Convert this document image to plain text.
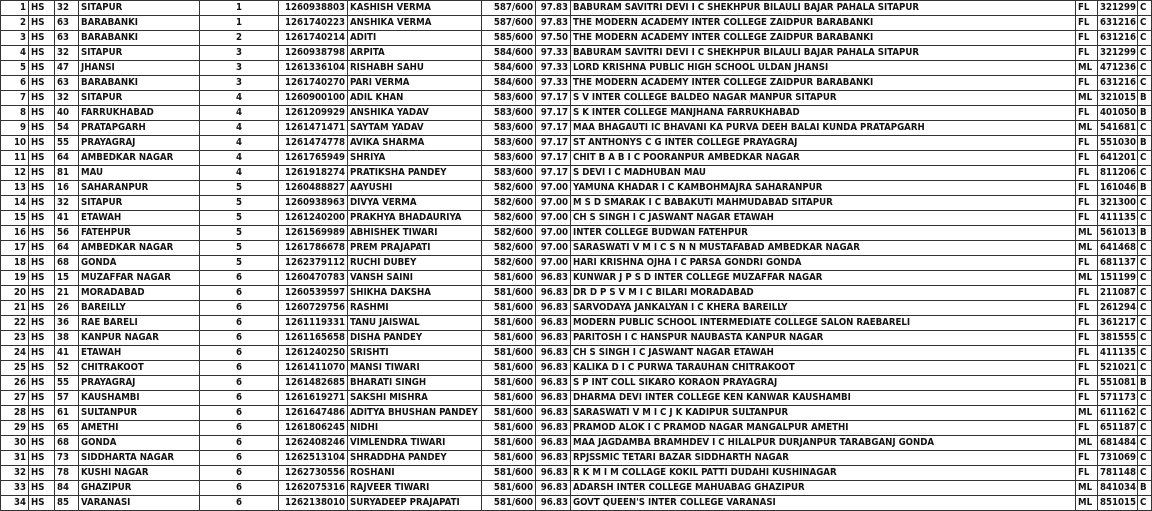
1	HS	32	SITAPUR	1	1260938803	KASHISH VERMA	587/600	97.83	BABURAM SAVITRI DEVI I C SHEKHPUR BILAULI BAJAR PAHALA SITAPUR	FL	321299	C
2	HS	63	BARABANKI	1	1261740223	ANSHIKA VERMA	587/600	97.83	THE MODERN ACADEMY INTER COLLEGE ZAIDPUR BARABANKI	FL	631216	C
3	HS	63	BARABANKI	2	1261740214	ADITI	585/600	97.50	THE MODERN ACADEMY INTER COLLEGE ZAIDPUR BARABANKI	FL	631216	C
4	HS	32	SITAPUR	3	1260938798	ARPITA	584/600	97.33	BABURAM SAVITRI DEVI I C SHEKHPUR BILAULI BAJAR PAHALA SITAPUR	FL	321299	C
5	HS	47	JHANSI	3	1261336104	RISHABH SAHU	584/600	97.33	LORD KRISHNA PUBLIC HIGH SCHOOL ULDAN JHANSI	ML	471236	C
6	HS	63	BARABANKI	3	1261740270	PARI VERMA	584/600	97.33	THE MODERN ACADEMY INTER COLLEGE ZAIDPUR BARABANKI	FL	631216	C
7	HS	32	SITAPUR	4	1260900100	ADIL KHAN	583/600	97.17	S V INTER COLLEGE BALDEO NAGAR MANPUR SITAPUR	ML	321015	B
8	HS	40	FARRUKHABAD	4	1261209929	ANSHIKA YADAV	583/600	97.17	S K INTER COLLEGE MANJHANA FARRUKHABAD	FL	401050	B
9	HS	54	PRATAPGARH	4	1261471471	SAYTAM YADAV	583/600	97.17	MAA BHAGAUTI IC BHAVANI KA PURVA DEEH BALAI KUNDA PRATAPGARH	ML	541681	C
10	HS	55	PRAYAGRAJ	4	1261474778	AVIKA SHARMA	583/600	97.17	ST ANTHONYS C G INTER COLLEGE PRAYAGRAJ	FL	551030	B
11	HS	64	AMBEDKAR NAGAR	4	1261765949	SHRIYA	583/600	97.17	CHIT B A B I C POORANPUR AMBEDKAR NAGAR	FL	641201	C
12	HS	81	MAU	4	1261918274	PRATIKSHA PANDEY	583/600	97.17	S DEVI I C MADHUBAN MAU	FL	811206	C
13	HS	16	SAHARANPUR	5	1260488827	AAYUSHI	582/600	97.00	YAMUNA KHADAR I C KAMBOHMAJRA SAHARANPUR	FL	161046	B
14	HS	32	SITAPUR	5	1260938963	DIVYA VERMA	582/600	97.00	M S D SMARAK I C BABAKUTI MAHMUDABAD SITAPUR	FL	321300	C
15	HS	41	ETAWAH	5	1261240200	PRAKHYA BHADAURIYA	582/600	97.00	CH S SINGH I C JASWANT NAGAR ETAWAH	FL	411135	C
16	HS	56	FATEHPUR	5	1261569989	ABHISHEK TIWARI	582/600	97.00	INTER COLLEGE BUDWAN FATEHPUR	ML	561013	B
17	HS	64	AMBEDKAR NAGAR	5	1261786678	PREM PRAJAPATI	582/600	97.00	SARASWATI V M I C S N N MUSTAFABAD AMBEDKAR NAGAR	ML	641468	C
18	HS	68	GONDA	5	1262379112	RUCHI DUBEY	582/600	97.00	HARI KRISHNA OJHA I C PARSA GONDRI GONDA	FL	681137	C
19	HS	15	MUZAFFAR NAGAR	6	1260470783	VANSH SAINI	581/600	96.83	KUNWAR J P S D INTER COLLEGE MUZAFFAR NAGAR	ML	151199	C
20	HS	21	MORADABAD	6	1260539597	SHIKHA DAKSHA	581/600	96.83	DR D P S V M I C BILARI MORADABAD	FL	211087	C
21	HS	26	BAREILLY	6	1260729756	RASHMI	581/600	96.83	SARVODAYA JANKALYAN I C KHERA BAREILLY	FL	261294	C
22	HS	36	RAE BARELI	6	1261119331	TANU JAISWAL	581/600	96.83	MODERN PUBLIC SCHOOL INTERMEDIATE COLLEGE SALON RAEBARELI	FL	361217	C
23	HS	38	KANPUR NAGAR	6	1261165658	DISHA PANDEY	581/600	96.83	PARITOSH I C HANSPUR NAUBASTA KANPUR NAGAR	FL	381555	C
24	HS	41	ETAWAH	6	1261240250	SRISHTI	581/600	96.83	CH S SINGH I C JASWANT NAGAR ETAWAH	FL	411135	C
25	HS	52	CHITRAKOOT	6	1261411070	MANSI TIWARI	581/600	96.83	KALIKA D I C PURWA TARAUHAN CHITRAKOOT	FL	521021	C
26	HS	55	PRAYAGRAJ	6	1261482685	BHARATI SINGH	581/600	96.83	S P INT COLL SIKARO KORAON PRAYAGRAJ	FL	551081	B
27	HS	57	KAUSHAMBI	6	1261619271	SAKSHI MISHRA	581/600	96.83	DHARMA DEVI INTER COLLEGE KEN KANWAR KAUSHAMBI	FL	571173	C
28	HS	61	SULTANPUR	6	1261647486	ADITYA BHUSHAN PANDEY	581/600	96.83	SARASWATI V M I C J K KADIPUR SULTANPUR	ML	611162	C
29	HS	65	AMETHI	6	1261806245	NIDHI	581/600	96.83	PRAMOD ALOK I C PRAMOD NAGAR MANGALPUR AMETHI	FL	651187	C
30	HS	68	GONDA	6	1262408246	VIMLENDRA TIWARI	581/600	96.83	MAA JAGDAMBA BRAMHDEV I C HILALPUR DURJANPUR TARABGANJ GONDA	ML	681484	C
31	HS	73	SIDDHARTA NAGAR	6	1262513104	SHRADDHA PANDEY	581/600	96.83	RPJSSMIC TETARI BAZAR SIDDHARTH NAGAR	FL	731069	C
32	HS	78	KUSHI NAGAR	6	1262730556	ROSHANI	581/600	96.83	R K M I M COLLAGE KOKIL PATTI DUDAHI KUSHINAGAR	FL	781148	C
33	HS	84	GHAZIPUR	6	1262075316	RAJVEER TIWARI	581/600	96.83	ADARSH INTER COLLEGE MAHUABAG GHAZIPUR	ML	841034	B
34	HS	85	VARANASI	6	1262138010	SURYADEEP PRAJAPATI	581/600	96.83	GOVT QUEEN'S INTER COLLEGE VARANASI	ML	851015	C
